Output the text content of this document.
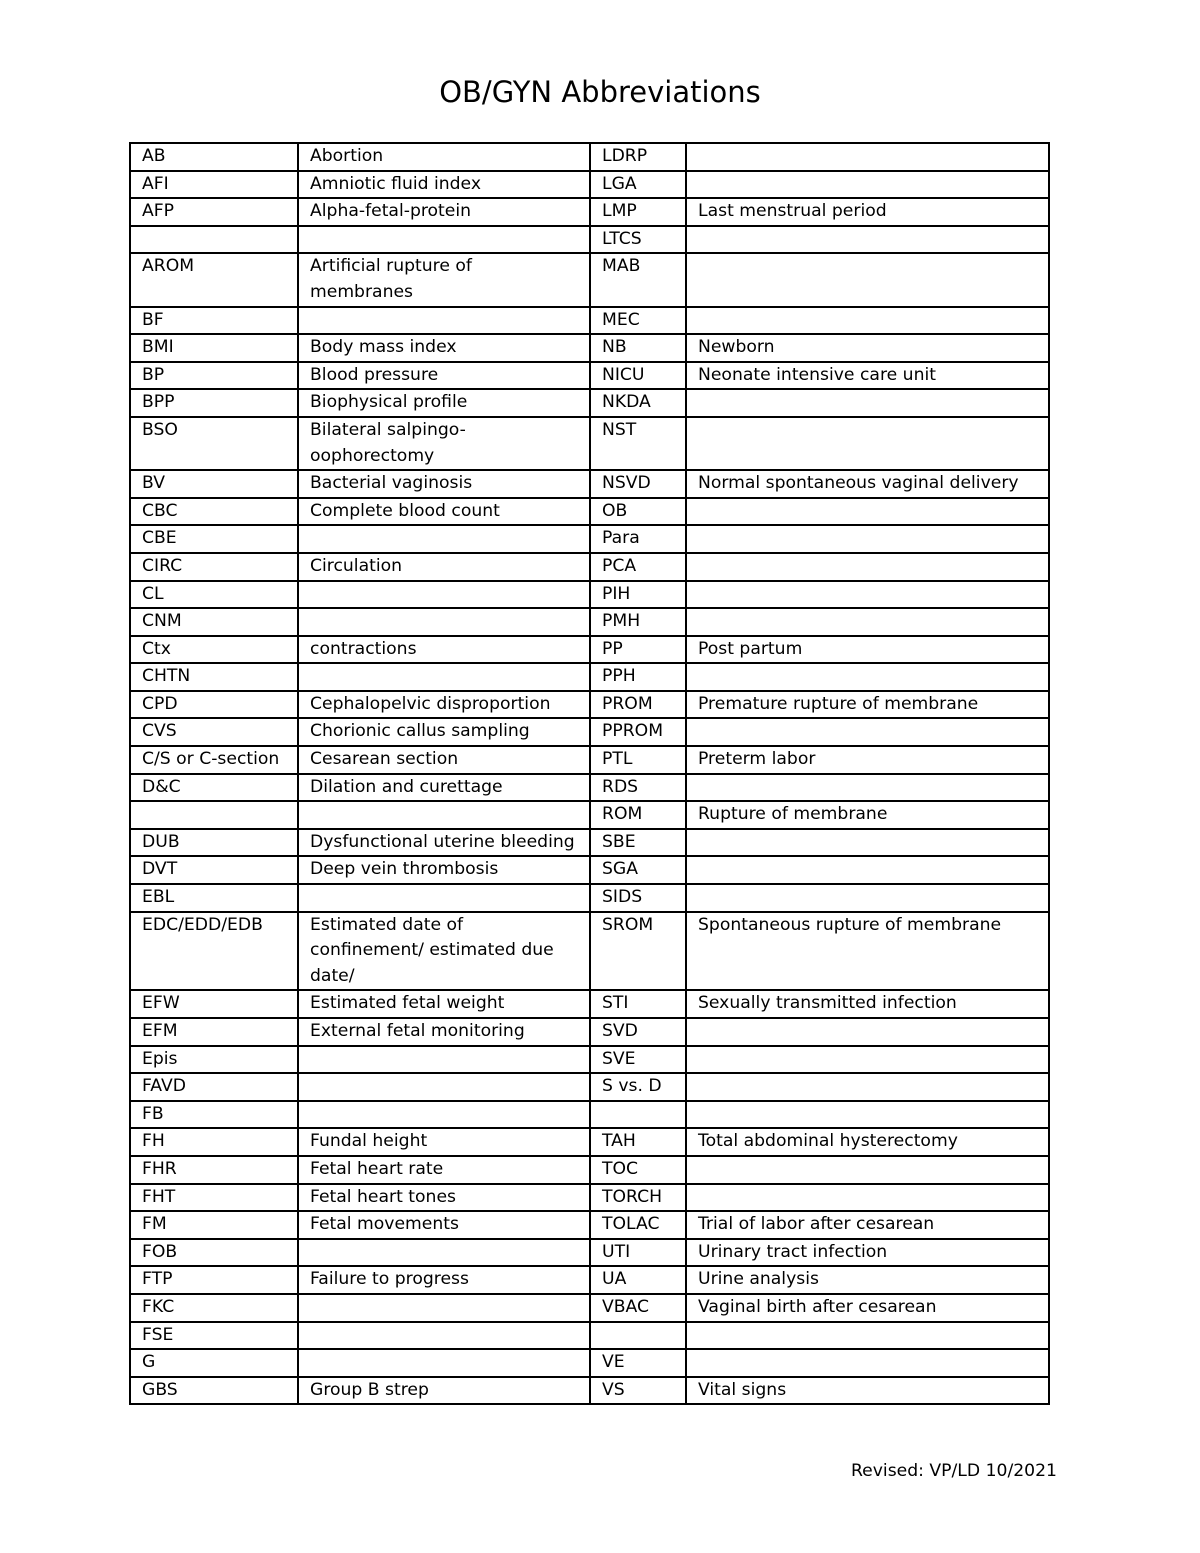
OB/GYN Abbreviations
AB	Abortion	LDRP	
AFI	Amniotic fluid index	LGA	
AFP	Alpha-fetal-protein	LMP	Last menstrual period
		LTCS	
AROM	Artificial rupture of membranes	MAB	
BF		MEC	
BMI	Body mass index	NB	Newborn
BP	Blood pressure	NICU	Neonate intensive care unit
BPP	Biophysical profile	NKDA	
BSO	Bilateral salpingo-oophorectomy	NST	
BV	Bacterial vaginosis	NSVD	Normal spontaneous vaginal delivery
CBC	Complete blood count	OB	
CBE		Para	
CIRC	Circulation	PCA	
CL		PIH	
CNM		PMH	
Ctx	contractions	PP	Post partum
CHTN		PPH	
CPD	Cephalopelvic disproportion	PROM	Premature rupture of membrane
CVS	Chorionic callus sampling	PPROM	
C/S or C-section	Cesarean section	PTL	Preterm labor
D&C	Dilation and curettage	RDS	
		ROM	Rupture of membrane
DUB	Dysfunctional uterine bleeding	SBE	
DVT	Deep vein thrombosis	SGA	
EBL		SIDS	
EDC/EDD/EDB	Estimated date of confinement/ estimated due date/	SROM	Spontaneous rupture of membrane
EFW	Estimated fetal weight	STI	Sexually transmitted infection
EFM	External fetal monitoring	SVD	
Epis		SVE	
FAVD		S vs. D	
FB			
FH	Fundal height	TAH	Total abdominal hysterectomy
FHR	Fetal heart rate	TOC	
FHT	Fetal heart tones	TORCH	
FM	Fetal movements	TOLAC	Trial of labor after cesarean
FOB		UTI	Urinary tract infection
FTP	Failure to progress	UA	Urine analysis
FKC		VBAC	Vaginal birth after cesarean
FSE			
G		VE	
GBS	Group B strep	VS	Vital signs
Revised: VP/LD 10/2021
